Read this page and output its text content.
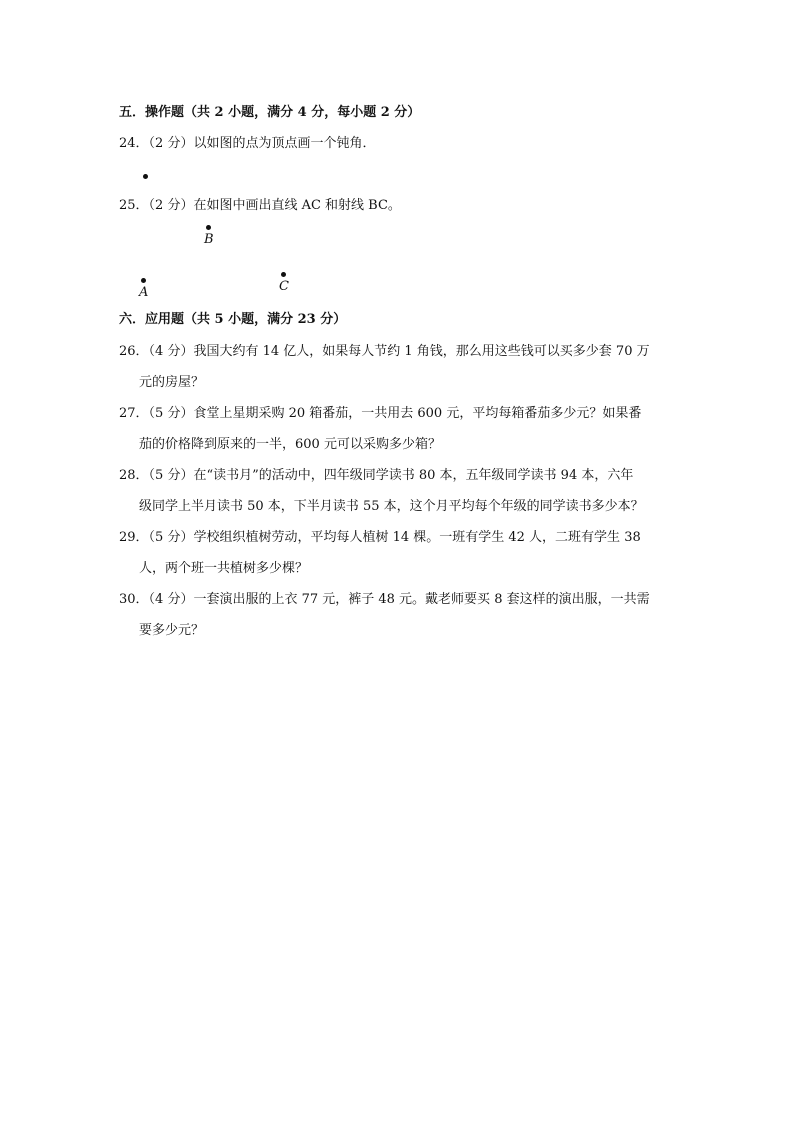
五．操作题（共 2 小题，满分 4 分，每小题 2 分）
24．（2 分）以如图的点为顶点画一个钝角．
25．（2 分）在如图中画出直线 AC 和射线 BC。
B
A	C
六．应用题（共 5 小题，满分 23 分）
26．（4 分）我国大约有 14 亿人，如果每人节约 1 角钱，那么用这些钱可以买多少套 70 万
元的房屋？
27．（5 分）食堂上星期采购 20 箱番茄，一共用去 600 元，平均每箱番茄多少元？如果番
茄的价格降到原来的一半，600 元可以采购多少箱？
28．（5 分）在“读书月”的活动中，四年级同学读书 80 本，五年级同学读书 94 本，六年
级同学上半月读书 50 本，下半月读书 55 本，这个月平均每个年级的同学读书多少本？
29．（5 分）学校组织植树劳动，平均每人植树 14 棵。一班有学生 42 人，二班有学生 38
人，两个班一共植树多少棵？
30．（4 分）一套演出服的上衣 77 元，裤子 48 元。戴老师要买 8 套这样的演出服，一共需
要多少元？
